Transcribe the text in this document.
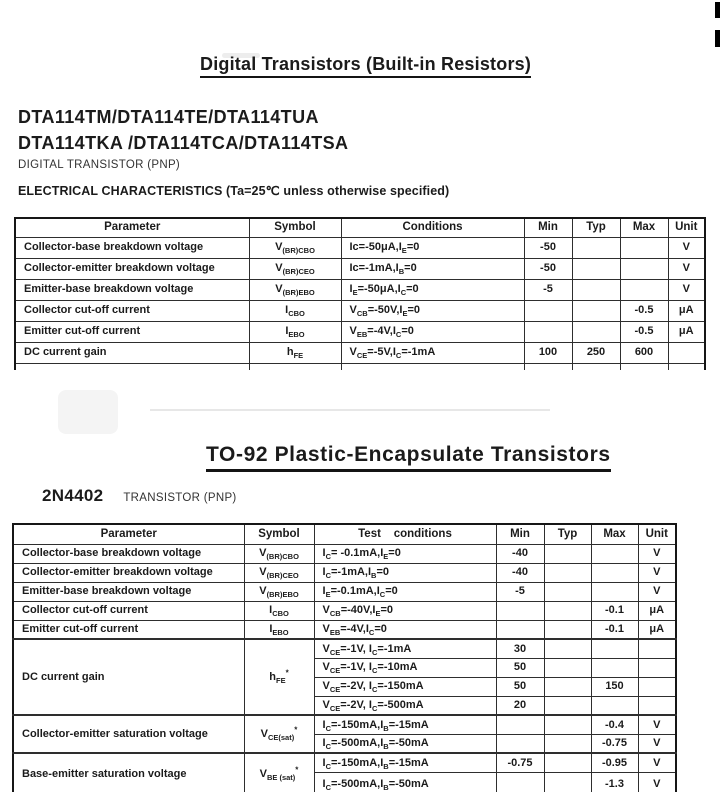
Digital Transistors (Built-in Resistors)
DTA114TM/DTA114TE/DTA114TUA
DTA114TKA /DTA114TCA/DTA114TSA
DIGITAL TRANSISTOR (PNP)
ELECTRICAL CHARACTERISTICS (Ta=25℃ unless otherwise specified)
Parameter	Symbol	Conditions	Min	Typ	Max	Unit
Collector-base breakdown voltage	$V_{(BR)CBO}$	$Ic=-50\mu A,I_E=0$	-50			V
Collector-emitter breakdown voltage	$V_{(BR)CEO}$	$Ic=-1mA,I_B=0$	-50			V
Emitter-base breakdown voltage	$V_{(BR)EBO}$	$I_E=-50\mu A,I_C=0$	-5			V
Collector cut-off current	$I_{CBO}$	$V_{CB}=-50V,I_E=0$			-0.5	μA
Emitter cut-off current	$I_{EBO}$	$V_{EB}=-4V,I_C=0$			-0.5	μA
DC current gain	$h_{FE}$	$V_{CE}=-5V,I_C=-1mA$	100	250	600	

TO-92 Plastic-Encapsulate Transistors
2N4402 TRANSISTOR (PNP)
Parameter	Symbol	Test    conditions	Min	Typ	Max	Unit
Collector-base breakdown voltage	$V_{(BR)CBO}$	$I_C= -0.1mA,I_E=0$	-40			V
Collector-emitter breakdown voltage	$V_{(BR)CEO}$	$I_C=-1mA,I_B=0$	-40			V
Emitter-base breakdown voltage	$V_{(BR)EBO}$	$I_E=-0.1mA,I_C=0$	-5			V
Collector cut-off current	$I_{CBO}$	$V_{CB}=-40V,I_E=0$			-0.1	μA
Emitter cut-off current	$I_{EBO}$	$V_{EB}=-4V,I_C=0$			-0.1	μA
DC current gain	$h_{FE}^*$	$V_{CE}=-1V$, $I_C=-1mA$	30			
		$V_{CE}=-1V$, $I_C=-10mA$	50			
		$V_{CE}=-2V$, $I_C=-150mA$	50		150	
		$V_{CE}=-2V$, $I_C=-500mA$	20			
Collector-emitter saturation voltage	$V_{CE(sat)}^*$	$I_C=-150mA,I_B=-15mA$			-0.4	V
		$I_C=-500mA,I_B=-50mA$			-0.75	V
Base-emitter saturation voltage	$V_{BE (sat)}^*$	$I_C=-150mA,I_B=-15mA$	-0.75		-0.95	V
		$I_C=-500mA,I_B=-50mA$			-1.3	V
